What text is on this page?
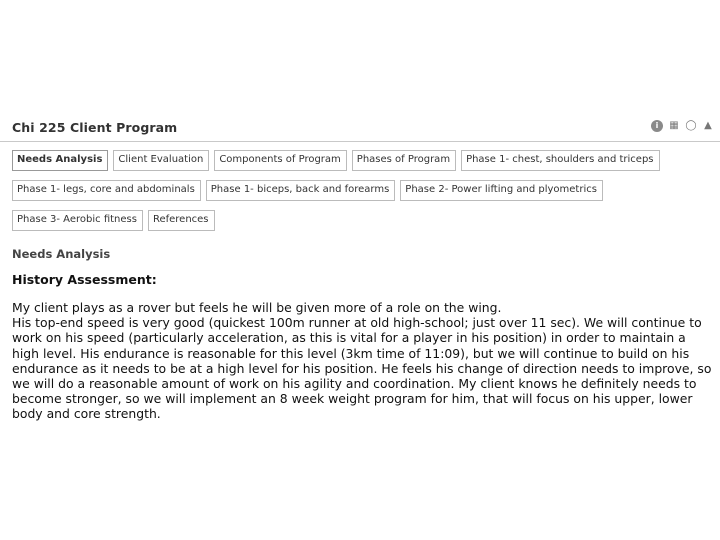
Chi 225 Client Program	i	▦ ◯ ▲
Needs Analysis	Client Evaluation	Components of Program	Phases of Program	Phase 1- chest, shoulders and triceps
Phase 1- legs, core and abdominals	Phase 1- biceps, back and forearms	Phase 2- Power lifting and plyometrics
Phase 3- Aerobic fitness	References
Needs Analysis
History Assessment:

My client plays as a rover but feels he will be given more of a role on the wing.

His top-end speed is very good (quickest 100m runner at old high-school; just over 11 sec). We will continue to work on his speed (particularly acceleration, as this is vital for a player in his position) in order to maintain a high level. His endurance is reasonable for this level (3km time of 11:09), but we will continue to build on his endurance as it needs to be at a high level for his position. He feels his change of direction needs to improve, so we will do a reasonable amount of work on his agility and coordination. My client knows he definitely needs to become stronger, so we will implement an 8 week weight program for him, that will focus on his upper, lower body and core strength.
